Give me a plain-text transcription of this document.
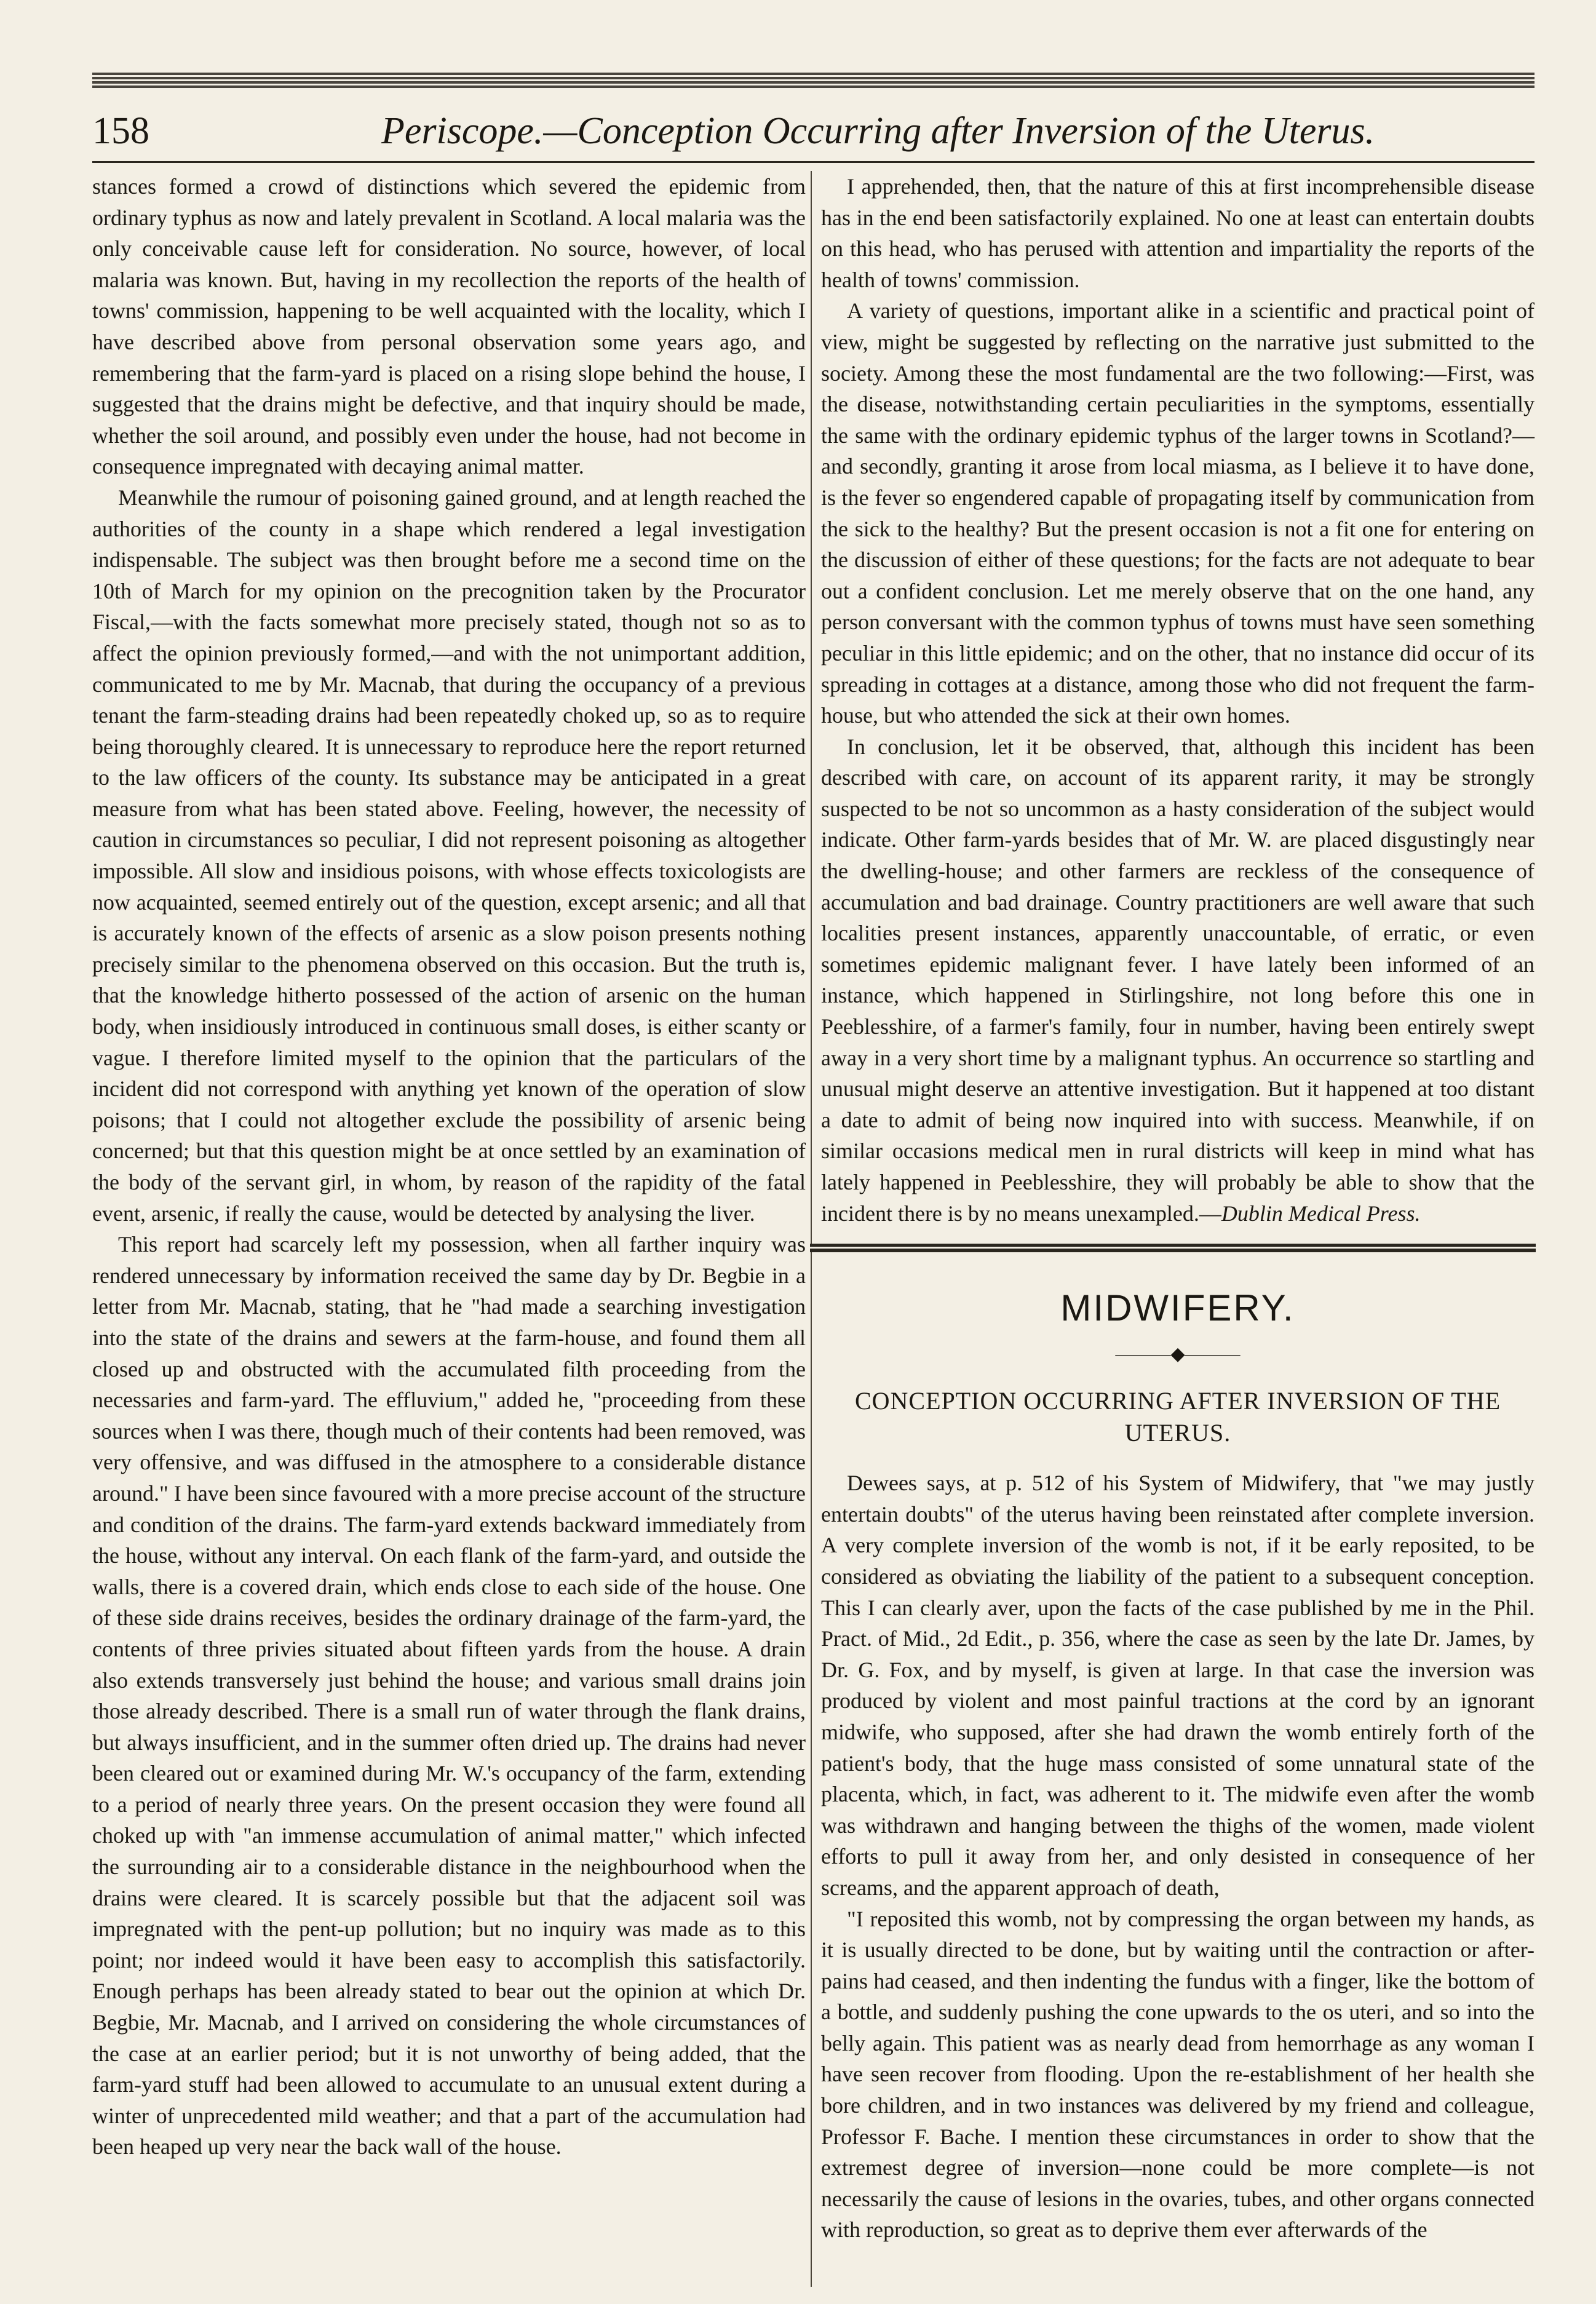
158	Periscope.—Conception Occurring after Inversion of the Uterus.

stances formed a crowd of distinctions which severed the epidemic from ordinary typhus as now and lately prevalent in Scotland. A local malaria was the only conceivable cause left for consideration. No source, however, of local malaria was known. But, having in my recollection the reports of the health of towns' commission, happening to be well acquainted with the locality, which I have described above from personal observation some years ago, and remembering that the farm-yard is placed on a rising slope behind the house, I suggested that the drains might be defective, and that inquiry should be made, whether the soil around, and possibly even under the house, had not become in consequence impregnated with decaying animal matter.

Meanwhile the rumour of poisoning gained ground, and at length reached the authorities of the county in a shape which rendered a legal investigation indispensable. The subject was then brought before me a second time on the 10th of March for my opinion on the precognition taken by the Procurator Fiscal,—with the facts somewhat more precisely stated, though not so as to affect the opinion previously formed,—and with the not unimportant addition, communicated to me by Mr. Macnab, that during the occupancy of a previous tenant the farm-steading drains had been repeatedly choked up, so as to require being thoroughly cleared. It is unnecessary to reproduce here the report returned to the law officers of the county. Its substance may be anticipated in a great measure from what has been stated above. Feeling, however, the necessity of caution in circumstances so peculiar, I did not represent poisoning as altogether impossible. All slow and insidious poisons, with whose effects toxicologists are now acquainted, seemed entirely out of the question, except arsenic; and all that is accurately known of the effects of arsenic as a slow poison presents nothing precisely similar to the phenomena observed on this occasion. But the truth is, that the knowledge hitherto possessed of the action of arsenic on the human body, when insidiously introduced in continuous small doses, is either scanty or vague. I therefore limited myself to the opinion that the particulars of the incident did not correspond with anything yet known of the operation of slow poisons; that I could not altogether exclude the possibility of arsenic being concerned; but that this question might be at once settled by an examination of the body of the servant girl, in whom, by reason of the rapidity of the fatal event, arsenic, if really the cause, would be detected by analysing the liver.

This report had scarcely left my possession, when all farther inquiry was rendered unnecessary by information received the same day by Dr. Begbie in a letter from Mr. Macnab, stating, that he "had made a searching investigation into the state of the drains and sewers at the farm-house, and found them all closed up and obstructed with the accumulated filth proceeding from the necessaries and farm-yard. The effluvium," added he, "proceeding from these sources when I was there, though much of their contents had been removed, was very offensive, and was diffused in the atmosphere to a considerable distance around." I have been since favoured with a more precise account of the structure and condition of the drains. The farm-yard extends backward immediately from the house, without any interval. On each flank of the farm-yard, and outside the walls, there is a covered drain, which ends close to each side of the house. One of these side drains receives, besides the ordinary drainage of the farm-yard, the contents of three privies situated about fifteen yards from the house. A drain also extends transversely just behind the house; and various small drains join those already described. There is a small run of water through the flank drains, but always insufficient, and in the summer often dried up. The drains had never been cleared out or examined during Mr. W.'s occupancy of the farm, extending to a period of nearly three years. On the present occasion they were found all choked up with "an immense accumulation of animal matter," which infected the surrounding air to a considerable distance in the neighbourhood when the drains were cleared. It is scarcely possible but that the adjacent soil was impregnated with the pent-up pollution; but no inquiry was made as to this point; nor indeed would it have been easy to accomplish this satisfactorily. Enough perhaps has been already stated to bear out the opinion at which Dr. Begbie, Mr. Macnab, and I arrived on considering the whole circumstances of the case at an earlier period; but it is not unworthy of being added, that the farm-yard stuff had been allowed to accumulate to an unusual extent during a winter of unprecedented mild weather; and that a part of the accumulation had been heaped up very near the back wall of the house.

I apprehended, then, that the nature of this at first incomprehensible disease has in the end been satisfactorily explained. No one at least can entertain doubts on this head, who has perused with attention and impartiality the reports of the health of towns' commission.

A variety of questions, important alike in a scientific and practical point of view, might be suggested by reflecting on the narrative just submitted to the society. Among these the most fundamental are the two following:—First, was the disease, notwithstanding certain peculiarities in the symptoms, essentially the same with the ordinary epidemic typhus of the larger towns in Scotland?—and secondly, granting it arose from local miasma, as I believe it to have done, is the fever so engendered capable of propagating itself by communication from the sick to the healthy? But the present occasion is not a fit one for entering on the discussion of either of these questions; for the facts are not adequate to bear out a confident conclusion. Let me merely observe that on the one hand, any person conversant with the common typhus of towns must have seen something peculiar in this little epidemic; and on the other, that no instance did occur of its spreading in cottages at a distance, among those who did not frequent the farm-house, but who attended the sick at their own homes.

In conclusion, let it be observed, that, although this incident has been described with care, on account of its apparent rarity, it may be strongly suspected to be not so uncommon as a hasty consideration of the subject would indicate. Other farm-yards besides that of Mr. W. are placed disgustingly near the dwelling-house; and other farmers are reckless of the consequence of accumulation and bad drainage. Country practitioners are well aware that such localities present instances, apparently unaccountable, of erratic, or even sometimes epidemic malignant fever. I have lately been informed of an instance, which happened in Stirlingshire, not long before this one in Peeblesshire, of a farmer's family, four in number, having been entirely swept away in a very short time by a malignant typhus. An occurrence so startling and unusual might deserve an attentive investigation. But it happened at too distant a date to admit of being now inquired into with success. Meanwhile, if on similar occasions medical men in rural districts will keep in mind what has lately happened in Peeblesshire, they will probably be able to show that the incident there is by no means unexampled.—Dublin Medical Press.

MIDWIFERY.
———◆———
CONCEPTION OCCURRING AFTER INVERSION OF THE UTERUS.

Dewees says, at p. 512 of his System of Midwifery, that "we may justly entertain doubts" of the uterus having been reinstated after complete inversion. A very complete inversion of the womb is not, if it be early reposited, to be considered as obviating the liability of the patient to a subsequent conception. This I can clearly aver, upon the facts of the case published by me in the Phil. Pract. of Mid., 2d Edit., p. 356, where the case as seen by the late Dr. James, by Dr. G. Fox, and by myself, is given at large. In that case the inversion was produced by violent and most painful tractions at the cord by an ignorant midwife, who supposed, after she had drawn the womb entirely forth of the patient's body, that the huge mass consisted of some unnatural state of the placenta, which, in fact, was adherent to it. The midwife even after the womb was withdrawn and hanging between the thighs of the women, made violent efforts to pull it away from her, and only desisted in consequence of her screams, and the apparent approach of death,

"I reposited this womb, not by compressing the organ between my hands, as it is usually directed to be done, but by waiting until the contraction or after-pains had ceased, and then indenting the fundus with a finger, like the bottom of a bottle, and suddenly pushing the cone upwards to the os uteri, and so into the belly again. This patient was as nearly dead from hemorrhage as any woman I have seen recover from flooding. Upon the re-establishment of her health she bore children, and in two instances was delivered by my friend and colleague, Professor F. Bache. I mention these circumstances in order to show that the extremest degree of inversion—none could be more complete—is not necessarily the cause of lesions in the ovaries, tubes, and other organs connected with reproduction, so great as to deprive them ever afterwards of the
